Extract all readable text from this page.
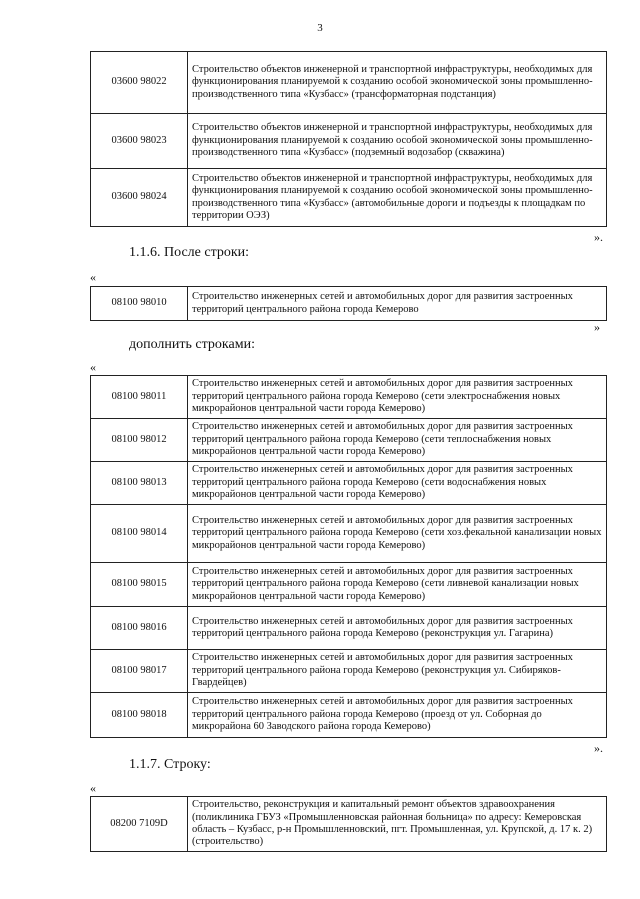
3
03600 98022	Строительство объектов инженерной и транспортной инфраструктуры, необходимых для функционирования планируемой к созданию особой экономической зоны промышленно-производственного типа «Кузбасс» (трансформаторная подстанция)
03600 98023	Строительство объектов инженерной и транспортной инфраструктуры, необходимых для функционирования планируемой к созданию особой экономической зоны промышленно-производственного типа «Кузбасс» (подземный водозабор (скважина)
03600 98024	Строительство объектов инженерной и транспортной инфраструктуры, необходимых для функционирования планируемой к созданию особой экономической зоны промышленно-производственного типа «Кузбасс» (автомобильные дороги и подъезды к площадкам по территории ОЭЗ)
».
1.1.6. После строки:
«
08100 98010	Строительство инженерных сетей и автомобильных дорог для развития застроенных территорий центрального района города Кемерово
»
дополнить строками:
«
08100 98011	Строительство инженерных сетей и автомобильных дорог для развития застроенных территорий центрального района города Кемерово (сети электроснабжения новых микрорайонов центральной части города Кемерово)
08100 98012	Строительство инженерных сетей и автомобильных дорог для развития застроенных территорий центрального района города Кемерово (сети теплоснабжения новых микрорайонов центральной части города Кемерово)
08100 98013	Строительство инженерных сетей и автомобильных дорог для развития застроенных территорий центрального района города Кемерово (сети водоснабжения новых микрорайонов центральной части города Кемерово)
08100 98014	Строительство инженерных сетей и автомобильных дорог для развития застроенных территорий центрального района города Кемерово (сети хоз.фекальной канализации новых микрорайонов центральной части города Кемерово)
08100 98015	Строительство инженерных сетей и автомобильных дорог для развития застроенных территорий центрального района города Кемерово (сети ливневой канализации новых микрорайонов центральной части города Кемерово)
08100 98016	Строительство инженерных сетей и автомобильных дорог для развития застроенных территорий центрального района города Кемерово (реконструкция ул. Гагарина)
08100 98017	Строительство инженерных сетей и автомобильных дорог для развития застроенных территорий центрального района города Кемерово (реконструкция ул. Сибиряков-Гвардейцев)
08100 98018	Строительство инженерных сетей и автомобильных дорог для развития застроенных территорий центрального района города Кемерово (проезд от ул. Соборная до микрорайона 60 Заводского района города Кемерово)
».
1.1.7. Строку:
«
08200 7109D	Строительство, реконструкция и капитальный ремонт объектов здравоохранения (поликлиника ГБУЗ «Промышленновская районная больница» по адресу: Кемеровская область – Кузбасс, р-н Промышленновский, пгт. Промышленная, ул. Крупской, д. 17 к. 2) (строительство)
